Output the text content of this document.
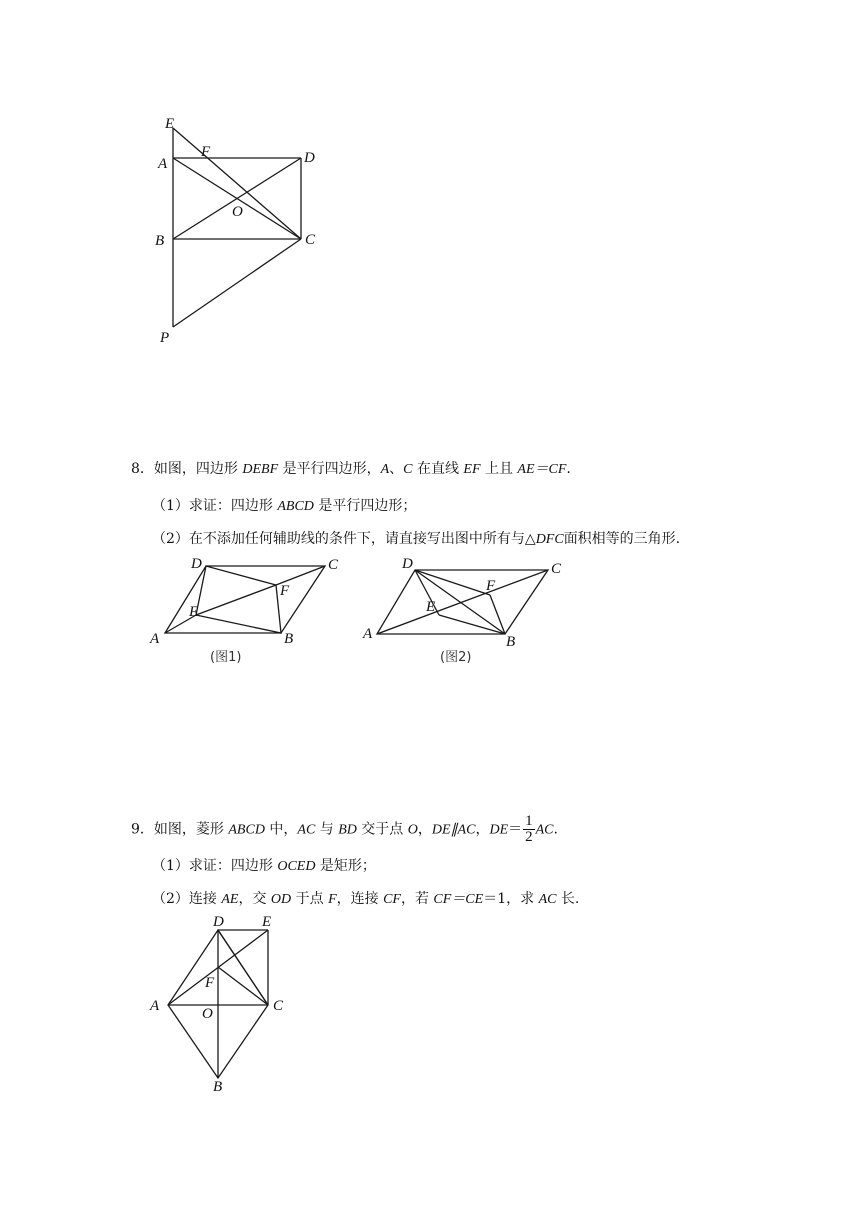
E
F
A	D
O
B	C
P
8．如图，四边形 DEBF 是平行四边形，A、C 在直线 EF 上且 AE＝CF.
（1）求证：四边形 ABCD 是平行四边形；
（2）在不添加任何辅助线的条件下，请直接写出图中所有与△DFC面积相等的三角形.
D	C
F
E
A	B
(图1)
D	C
F
E
A	B
(图2)
9．如图，菱形 ABCD 中，AC 与 BD 交于点 O，DE∥AC，$DE= \frac{1}{2}$ AC.
（1）求证：四边形 OCED 是矩形；
（2）连接 AE，交 OD 于点 F，连接 CF，若 CF＝CE＝1，求 AC 长.
D	E
F
A	O	C
B
